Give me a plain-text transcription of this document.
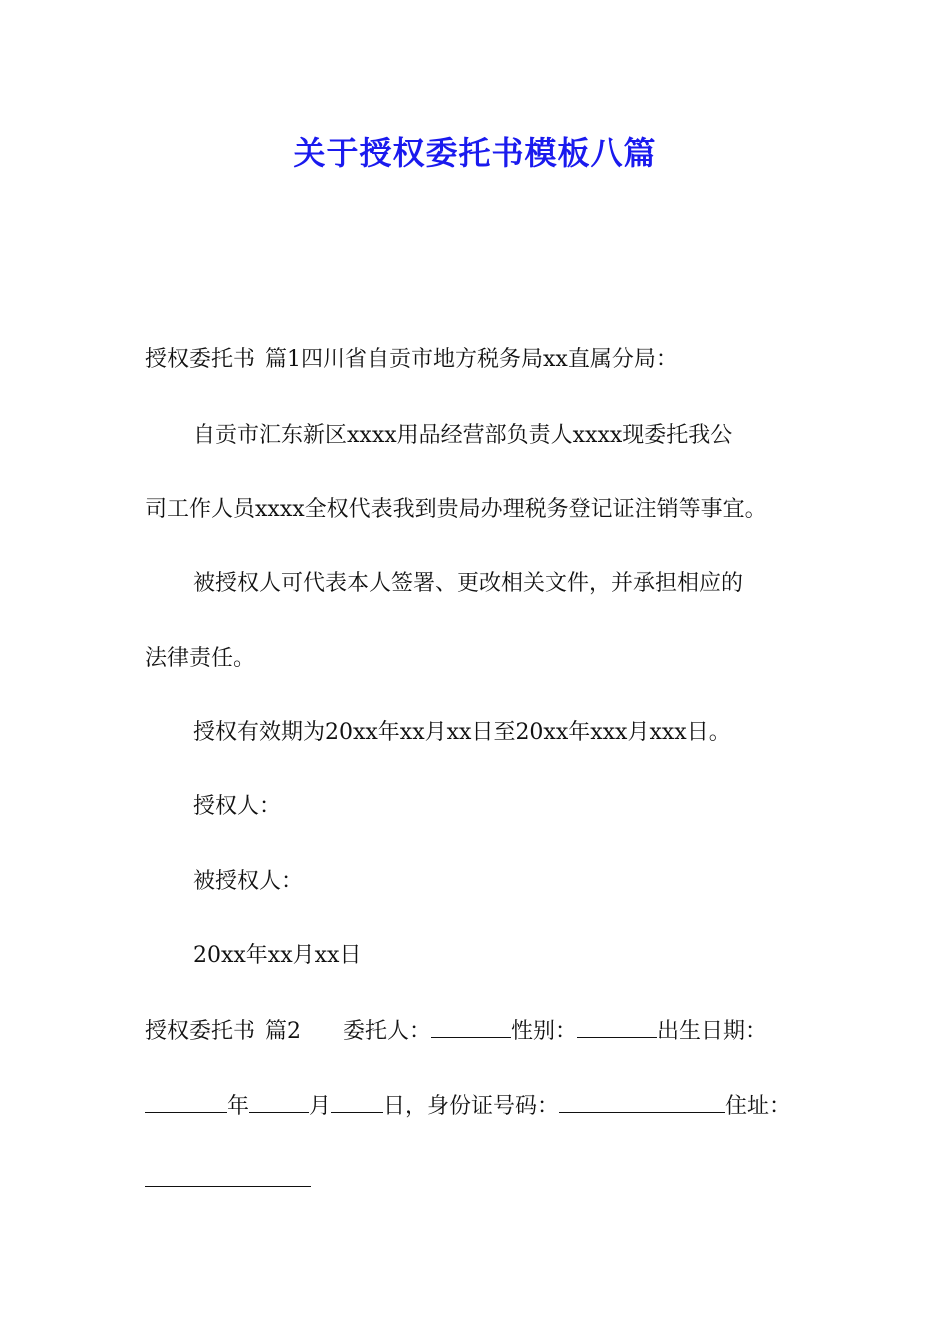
关于授权委托书模板八篇
授权委托书 篇1四川省自贡市地方税务局xx直属分局：
自贡市汇东新区xxxx用品经营部负责人xxxx现委托我公
司工作人员xxxx全权代表我到贵局办理税务登记证注销等事宜。
被授权人可代表本人签署、更改相关文件，并承担相应的
法律责任。
授权有效期为20xx年xx月xx日至20xx年xxx月xxx日。
授权人：
被授权人：
20xx年xx月xx日
授权委托书 篇2 委托人：	性别：	出生日期：
年	月 日，身份证号码：	住址：
